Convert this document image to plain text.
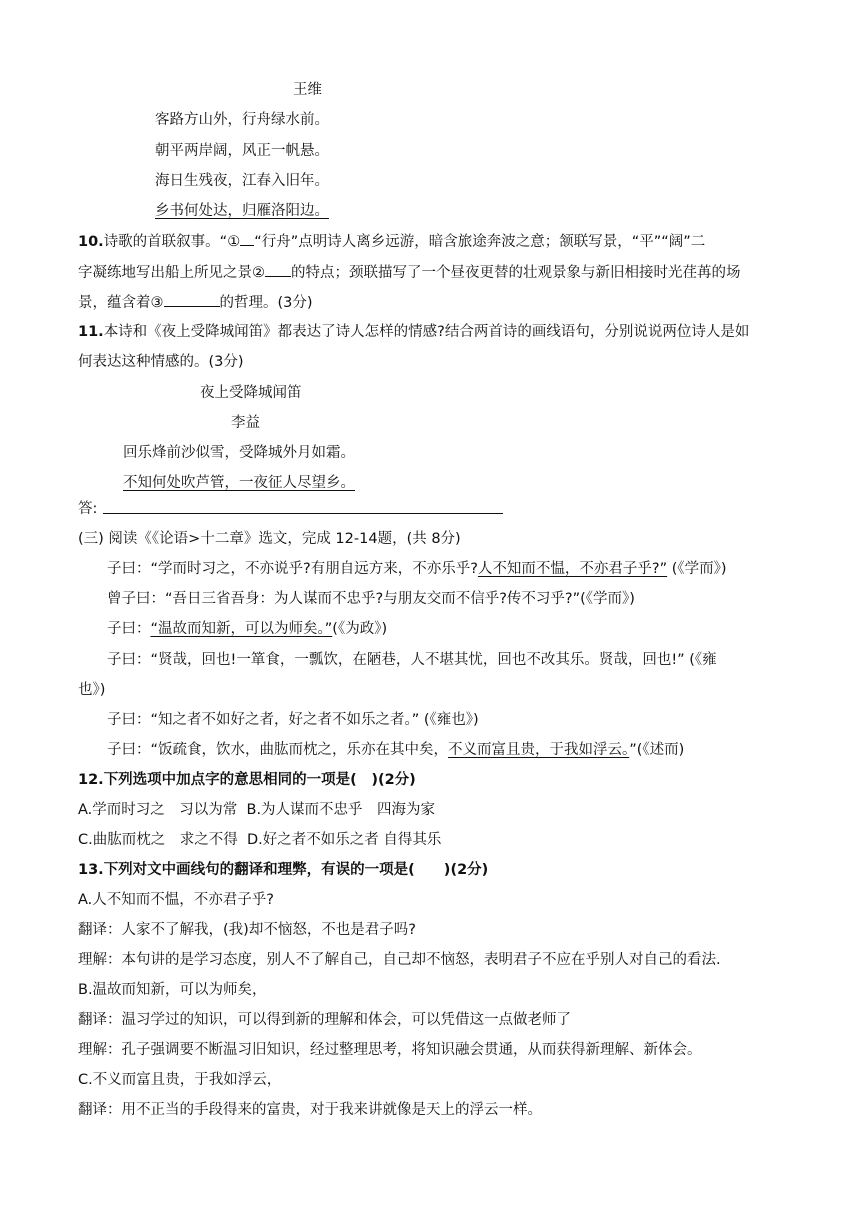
王维
客路方山外，行舟绿水前。
朝平两岸阔，风正一帆悬。
海日生残夜，江春入旧年。
乡书何处达，归雁洛阳边。
10.诗歌的首联叙事。“① “行舟”点明诗人离乡远游，暗含旅途奔波之意；颔联写景，“平”“阔”二
字凝练地写出船上所见之景② 的特点；颈联描写了一个昼夜更替的壮观景象与新旧相接时光荏苒的场
景，蕴含着③	的哲理。(3分)
11.本诗和《夜上受降城闻笛》都表达了诗人怎样的情感?结合两首诗的画线语句，分别说说两位诗人是如
何表达这种情感的。(3分)
夜上受降城闻笛
李益
回乐烽前沙似雪，受降城外月如霜。
不知何处吹芦管，一夜征人尽望乡。
答:
(三) 阅读《《论语>十二章》选文，完成 12-14题，(共 8分)
子曰：“学而时习之，不亦说乎?有朋自远方来，不亦乐乎?人不知而不愠，不亦君子乎?” (《学而》)
曾子曰：“吾日三省吾身：为人谋而不忠乎?与朋友交而不信乎?传不习乎?”(《学而》)
子曰：“温故而知新，可以为师矣。”(《为政》)
子曰：“贤哉，回也!一箪食，一瓢饮，在陋巷，人不堪其忧，回也不改其乐。贤哉，回也!” (《雍
也》)
子曰：“知之者不如好之者，好之者不如乐之者。” (《雍也》)
子曰：“饭疏食，饮水，曲肱而枕之，乐亦在其中矣，不义而富且贵，于我如浮云。”(《述而)
12.下列选项中加点字的意思相同的一项是(　)(2分)
A.学而时习之　习以为常 B.为人谋而不忠乎　四海为家
C.曲肱而枕之　求之不得 D.好之者不如乐之者 自得其乐
13.下列对文中画线句的翻译和理弊，有误的一项是(　　)(2分)
A.人不知而不愠，不亦君子乎?
翻译：人家不了解我，(我)却不恼怒，不也是君子吗?
理解：本句讲的是学习态度，别人不了解自己，自己却不恼怒，表明君子不应在乎别人对自己的看法.
B.温故而知新，可以为师矣，
翻译：温习学过的知识，可以得到新的理解和体会，可以凭借这一点做老师了
理解：孔子强调要不断温习旧知识，经过整理思考，将知识融会贯通，从而获得新理解、新体会。
C.不义而富且贵，于我如浮云，
翻译：用不正当的手段得来的富贵，对于我来讲就像是天上的浮云一样。
